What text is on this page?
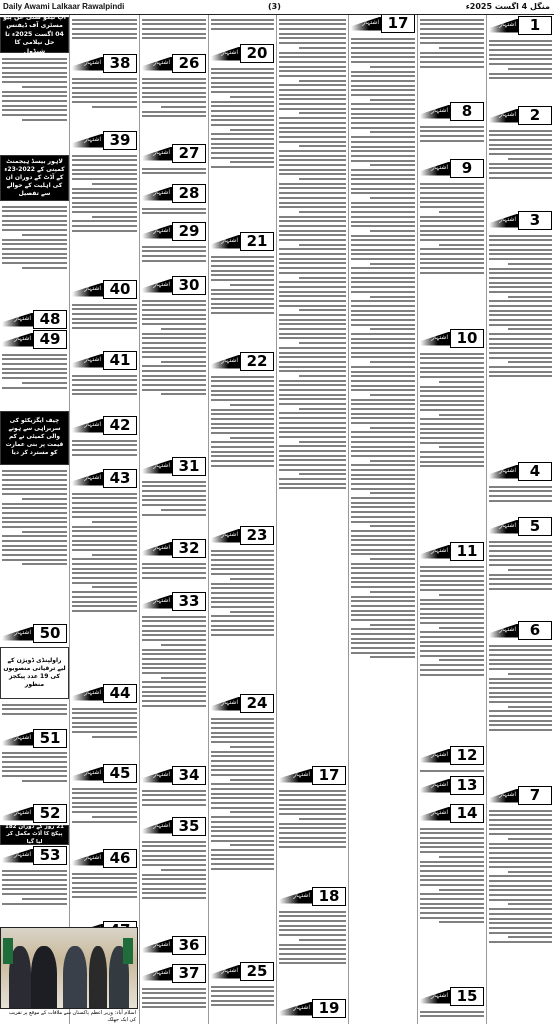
Daily Awami Lalkaar Rawalpindi	(3)	منگل 4 اگست 2025ء
آپ نیکو سٹی عن پیو مسٹری آف ڈیفنس 04 اگست 2025ء تا حل نیلامی کا شیڈول
لاہور بیسڈ ہیجمنٹ کمپنی کے 2022-23ء کے آڈٹ کے دوران ان کی اہلیت کے حوالے سے تفصیل
اشتہار 48
اشتہار 49
چیف ایگزیکٹو کی سربراہی سے ہونے والی کمیٹی نے کم قیمت پر بنی عمارت کو مسترد کر دیا
اشتہار 50
راولپنڈی ڈویژن کے لیے ترقیاتی منصوبوں کی 19 عدد پیکجز منظور
اشتہار 51
اشتہار 52
21 روز کے دوران 182 پیکج کا آڈٹ مکمل کر لیا گیا
اشتہار 53
اشتہار 38
اشتہار 39
اشتہار 40
اشتہار 41
اشتہار 42
اشتہار 43
اشتہار 44
اشتہار 45
اشتہار 46
اشتہار 26
اشتہار 27
اشتہار 28
اشتہار 29
اشتہار 30
اشتہار 31
اشتہار 32
اشتہار 33
اشتہار 34
اشتہار 35
اشتہار 36
اشتہار 37
اشتہار 20
اشتہار 21
اشتہار 22
اشتہار 23
اشتہار 24
اشتہار 25
اشتہار 17
اشتہار 18
اشتہار 19
اشتہار 17
اشتہار 8
اشتہار 9
اشتہار 10
اشتہار 11
اشتہار 12
اشتہار 13
اشتہار 14
اشتہار 15
اشتہار 1
اشتہار 2
اشتہار 3
اشتہار 4
اشتہار 5
اشتہار 6
اشتہار 7
اسلام آباد: وزیر اعظم پاکستان سے ملاقات کے موقع پر تقریب کی ایک جھلک
